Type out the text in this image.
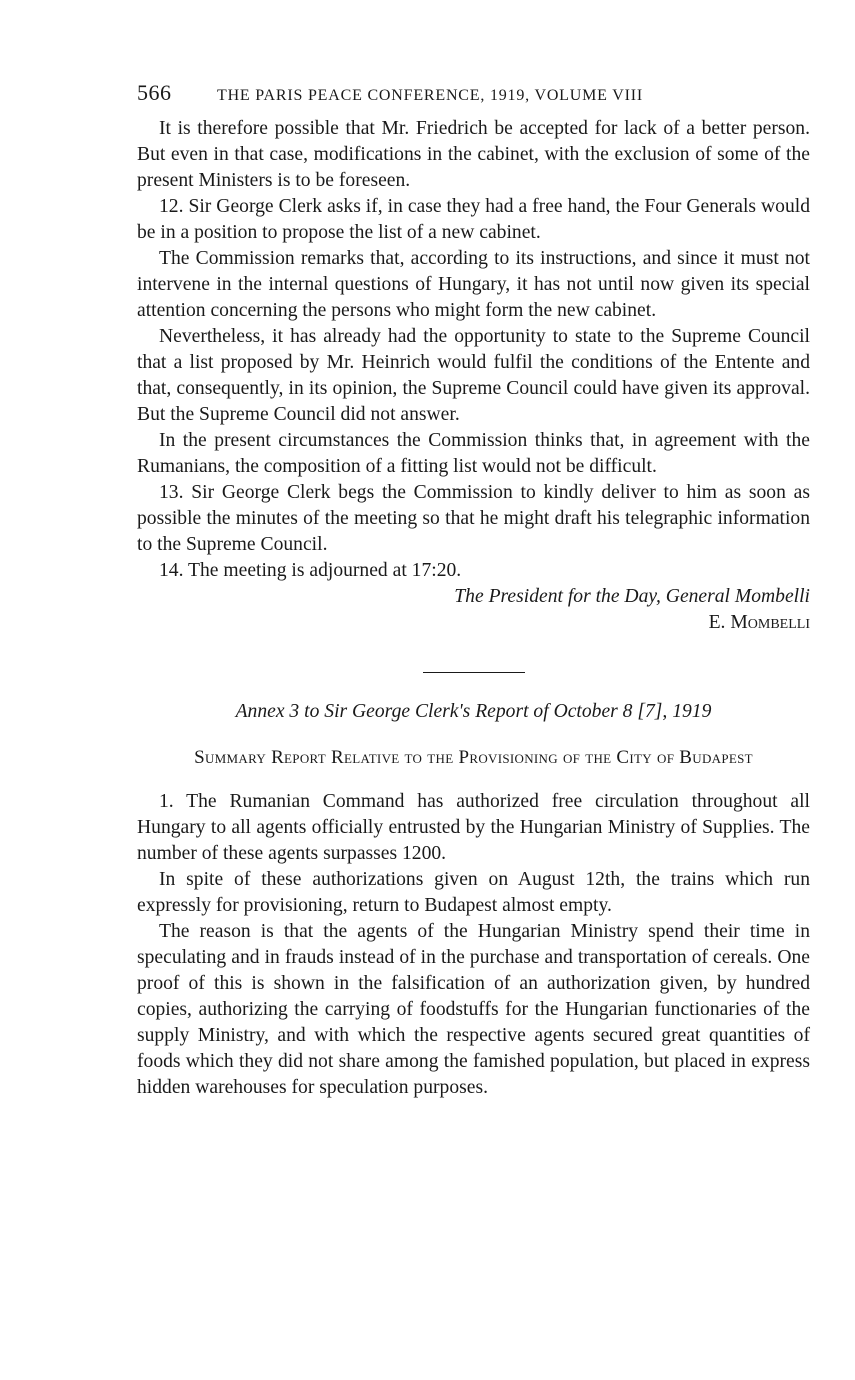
566	THE PARIS PEACE CONFERENCE, 1919, VOLUME VIII

It is therefore possible that Mr. Friedrich be accepted for lack of a better person. But even in that case, modifications in the cabinet, with the exclusion of some of the present Ministers is to be foreseen.

12. Sir George Clerk asks if, in case they had a free hand, the Four Generals would be in a position to propose the list of a new cabinet.

The Commission remarks that, according to its instructions, and since it must not intervene in the internal questions of Hungary, it has not until now given its special attention concerning the persons who might form the new cabinet.

Nevertheless, it has already had the opportunity to state to the Supreme Council that a list proposed by Mr. Heinrich would fulfil the conditions of the Entente and that, consequently, in its opinion, the Supreme Council could have given its approval. But the Supreme Council did not answer.

In the present circumstances the Commission thinks that, in agreement with the Rumanians, the composition of a fitting list would not be difficult.

13. Sir George Clerk begs the Commission to kindly deliver to him as soon as possible the minutes of the meeting so that he might draft his telegraphic information to the Supreme Council.

14. The meeting is adjourned at 17:20.

The President for the Day, General Mombelli
E. Mombelli
Annex 3 to Sir George Clerk's Report of October 8 [7], 1919
Summary Report Relative to the Provisioning of the City of Budapest

1. The Rumanian Command has authorized free circulation throughout all Hungary to all agents officially entrusted by the Hungarian Ministry of Supplies. The number of these agents surpasses 1200.

In spite of these authorizations given on August 12th, the trains which run expressly for provisioning, return to Budapest almost empty.

The reason is that the agents of the Hungarian Ministry spend their time in speculating and in frauds instead of in the purchase and transportation of cereals. One proof of this is shown in the falsification of an authorization given, by hundred copies, authorizing the carrying of foodstuffs for the Hungarian functionaries of the supply Ministry, and with which the respective agents secured great quantities of foods which they did not share among the famished population, but placed in express hidden warehouses for speculation purposes.
